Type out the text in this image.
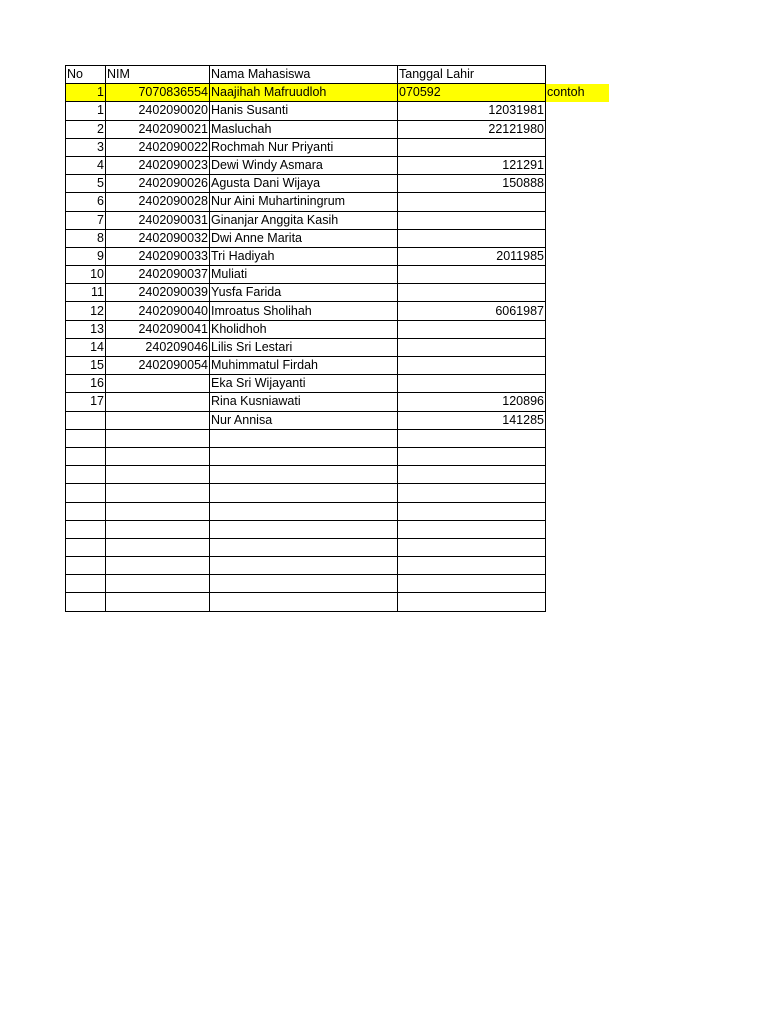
No	NIM	Nama Mahasiswa	Tanggal Lahir	
1	7070836554	Naajihah Mafruudloh	070592	contoh
1	2402090020	Hanis Susanti	12031981	
2	2402090021	Masluchah	22121980	
3	2402090022	Rochmah Nur Priyanti		
4	2402090023	Dewi Windy Asmara	121291	
5	2402090026	Agusta Dani Wijaya	150888	
6	2402090028	Nur Aini Muhartiningrum		
7	2402090031	Ginanjar Anggita Kasih		
8	2402090032	Dwi Anne Marita		
9	2402090033	Tri Hadiyah	2011985	
10	2402090037	Muliati		
11	2402090039	Yusfa Farida		
12	2402090040	Imroatus Sholihah	6061987	
13	2402090041	Kholidhoh		
14	240209046	Lilis Sri Lestari		
15	2402090054	Muhimmatul Firdah		
16		Eka Sri Wijayanti		
17		Rina Kusniawati	120896	
		Nur Annisa	141285	
